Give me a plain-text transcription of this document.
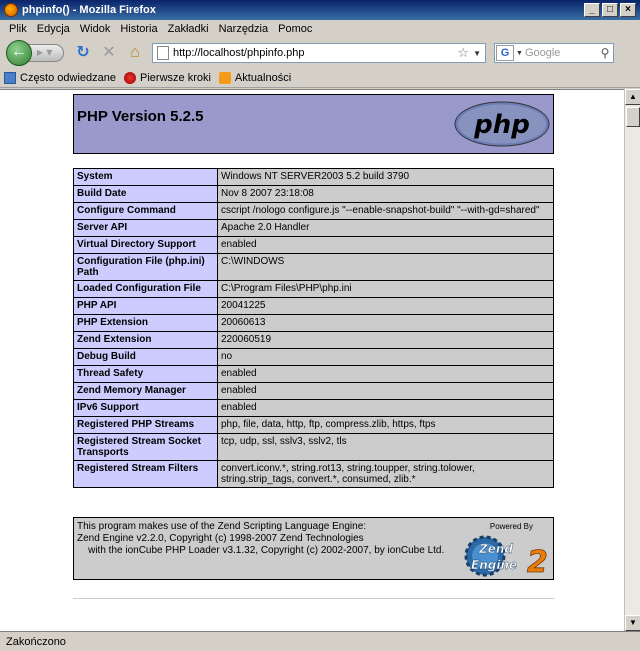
phpinfo() - Mozilla Firefox	_	□	×
Plik Edycja Widok Historia Zakładki Narzędzia Pomoc
▸ ▾
←	↻ ✕ ⌂	http://localhost/phpinfo.php	☆ ▼	G ▼ Google	⚲
Często odwiedzane Pierwsze kroki Aktualności
PHP Version 5.2.5	php
System	Windows NT SERVER2003 5.2 build 3790
Build Date	Nov 8 2007 23:18:08
Configure Command	cscript /nologo configure.js "--enable-snapshot-build" "--with-gd=shared"
Server API	Apache 2.0 Handler
Virtual Directory Support	enabled
Configuration File (php.ini) Path	C:\WINDOWS
Loaded Configuration File	C:\Program Files\PHP\php.ini
PHP API	20041225
PHP Extension	20060613
Zend Extension	220060519
Debug Build	no
Thread Safety	enabled
Zend Memory Manager	enabled
IPv6 Support	enabled
Registered PHP Streams	php, file, data, http, ftp, compress.zlib, https, ftps
Registered Stream Socket Transports	tcp, udp, ssl, sslv3, sslv2, tls
Registered Stream Filters	convert.iconv.*, string.rot13, string.toupper, string.tolower, string.strip_tags, convert.*, consumed, zlib.*
This program makes use of the Zend Scripting Language Engine:
Zend Engine v2.2.0, Copyright (c) 1998-2007 Zend Technologies
with the ionCube PHP Loader v3.1.32, Copyright (c) 2002-2007, by ionCube Ltd.
Powered By
Zend
Engine 2
▲
▼
Zakończono
